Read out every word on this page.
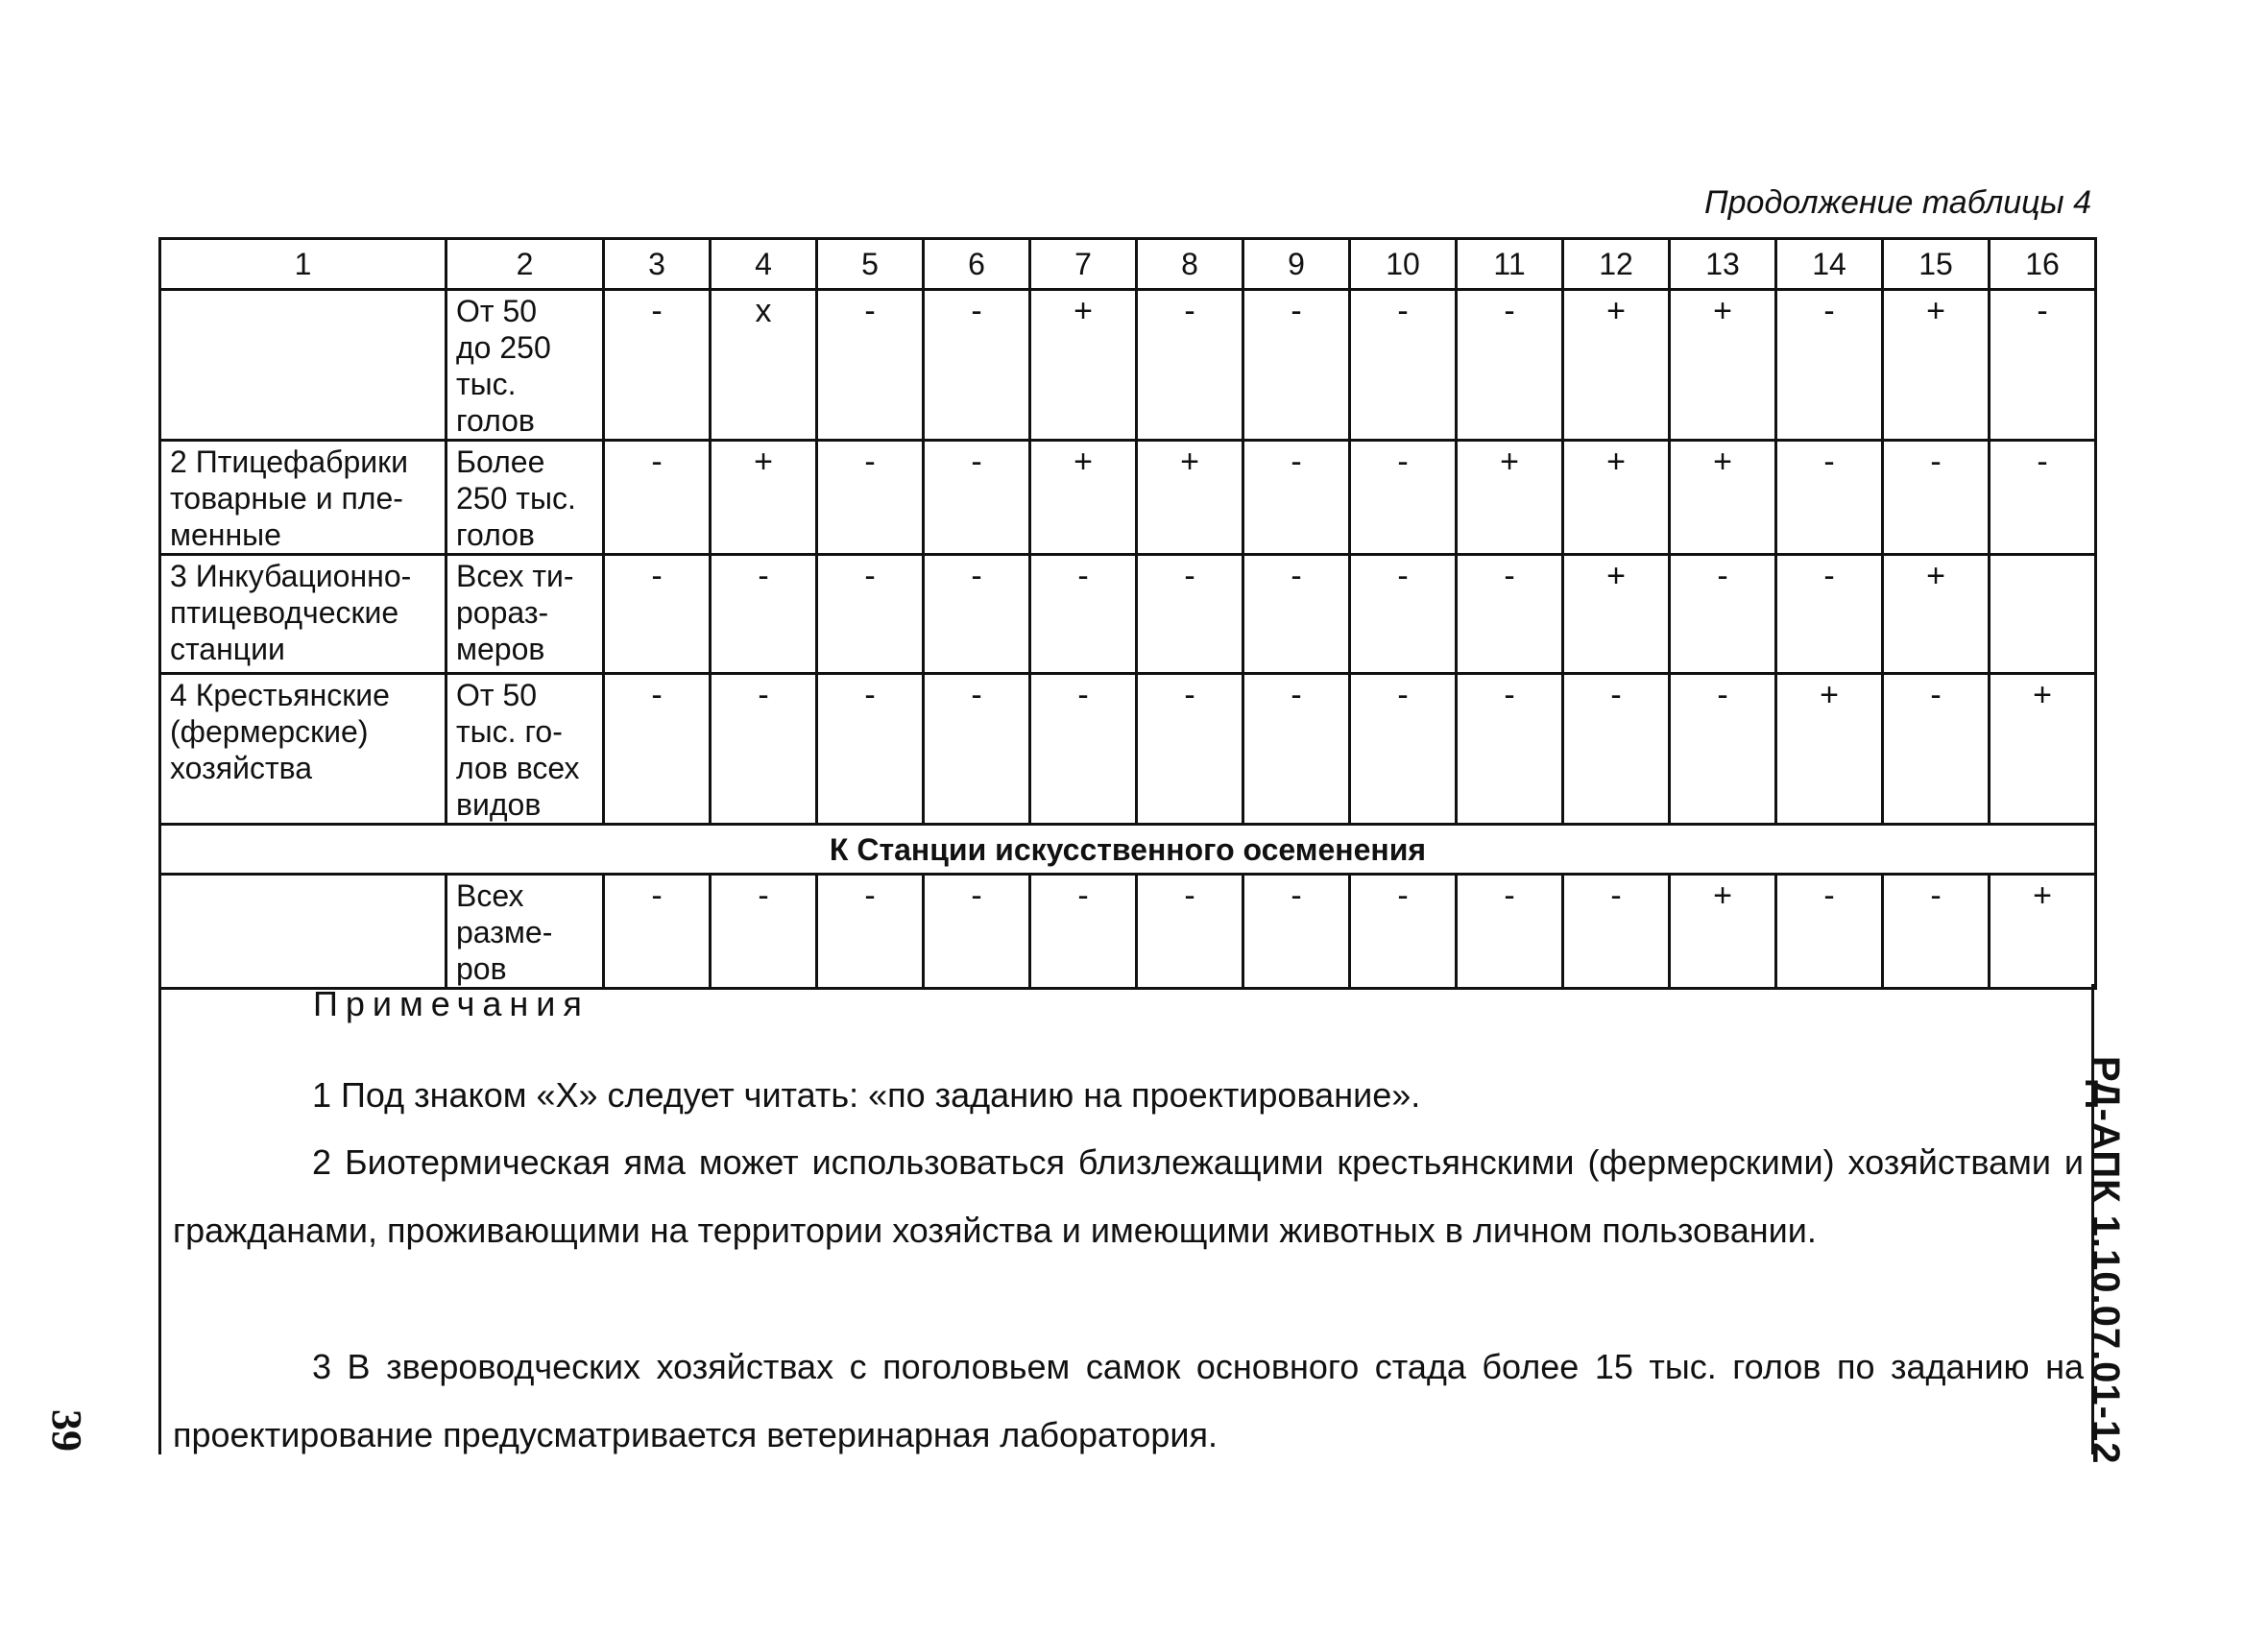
Продолжение таблицы 4
1	2	3	4	5	6	7	8	9	10	11	12	13	14	15	16
	От 50
до 250
тыс.
голов	-	х	-	-	+	-	-	-	-	+	+	-	+	-
2 Птицефабрики
товарные и пле-
менные	Более
250 тыс.
голов	-	+	-	-	+	+	-	-	+	+	+	-	-	-
3 Инкубационно-
птицеводческие
станции	Всех ти-
pораз-
меров	-	-	-	-	-	-	-	-	-	+	-	-	+	
4 Крестьянские
(фермерские)
хозяйства	От 50
тыс. го-
лов всех
видов	-	-	-	-	-	-	-	-	-	-	-	+	-	+
К Станции искусственного осеменения															
	Всех
разме-
ров	-	-	-	-	-	-	-	-	-	-	+	-	-	+
Примечания

1 Под знаком «Х» следует читать: «по заданию на проектирование».

2 Биотермическая яма может использоваться близлежащими крестьянскими (фермерскими) хозяйствами и гражданами, проживающими на территории хозяйства и имеющими животных в личном пользовании.

3 В звероводческих хозяйствах с поголовьем самок основного стада более 15 тыс. голов по заданию на проектирование предусматривается ветеринарная лаборатория.	РД-АПК 1.10.07.01-12
39
